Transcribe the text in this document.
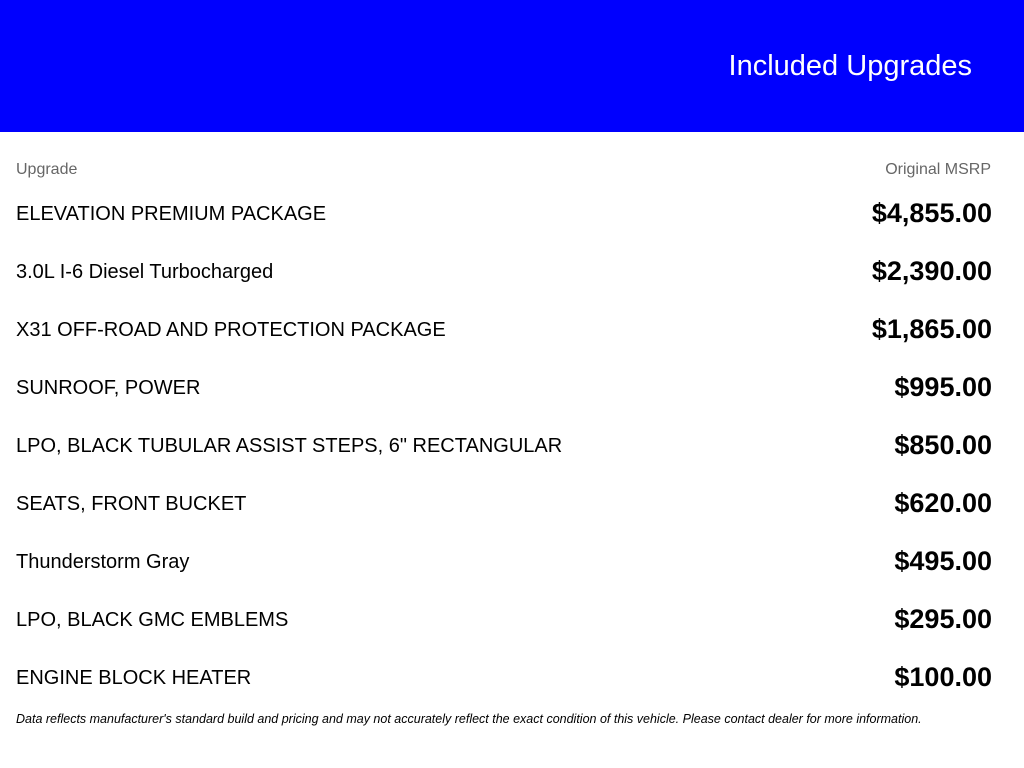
Included Upgrades
Upgrade	Original MSRP
ELEVATION PREMIUM PACKAGE	$4,855.00
3.0L I-6 Diesel Turbocharged	$2,390.00
X31 OFF-ROAD AND PROTECTION PACKAGE	$1,865.00
SUNROOF, POWER	$995.00
LPO, BLACK TUBULAR ASSIST STEPS, 6" RECTANGULAR	$850.00
SEATS, FRONT BUCKET	$620.00
Thunderstorm Gray	$495.00
LPO, BLACK GMC EMBLEMS	$295.00
ENGINE BLOCK HEATER	$100.00
Data reflects manufacturer's standard build and pricing and may not accurately reflect the exact condition of this vehicle. Please contact dealer for more information.
